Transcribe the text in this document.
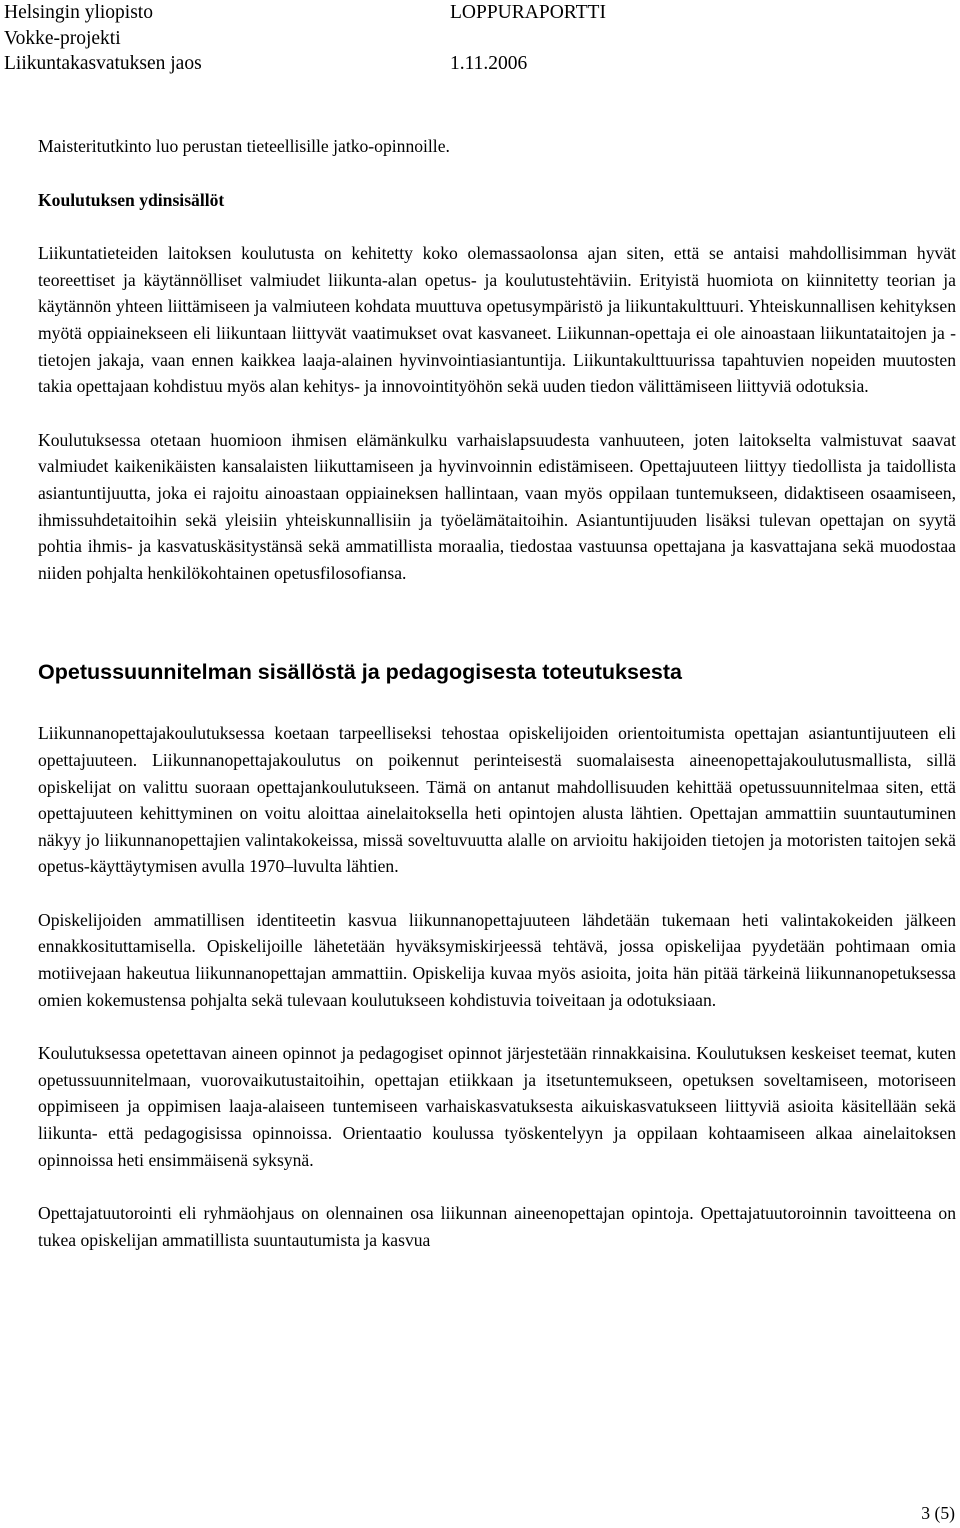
Helsingin yliopisto	LOPPURAPORTTI
Vokke-projekti
Liikuntakasvatuksen jaos	1.11.2006

Maisteritutkinto luo perustan tieteellisille jatko-opinnoille.

Koulutuksen ydinsisällöt

Liikuntatieteiden laitoksen koulutusta on kehitetty koko olemassaolonsa ajan siten, että se antaisi mahdollisimman hyvät teoreettiset ja käytännölliset valmiudet liikunta-alan opetus- ja koulutustehtäviin. Erityistä huomiota on kiinnitetty teorian ja käytännön yhteen liittämiseen ja valmiuteen kohdata muuttuva opetusympäristö ja liikuntakulttuuri. Yhteiskunnallisen kehityksen myötä oppiainekseen eli liikuntaan liittyvät vaatimukset ovat kasvaneet. Liikunnan-opettaja ei ole ainoastaan liikuntataitojen ja -tietojen jakaja, vaan ennen kaikkea laaja-alainen hyvinvointiasiantuntija. Liikuntakulttuurissa tapahtuvien nopeiden muutosten takia opettajaan kohdistuu myös alan kehitys- ja innovointityöhön sekä uuden tiedon välittämiseen liittyviä odotuksia.

Koulutuksessa otetaan huomioon ihmisen elämänkulku varhaislapsuudesta vanhuuteen, joten laitokselta valmistuvat saavat valmiudet kaikenikäisten kansalaisten liikuttamiseen ja hyvinvoinnin edistämiseen. Opettajuuteen liittyy tiedollista ja taidollista asiantuntijuutta, joka ei rajoitu ainoastaan oppiaineksen hallintaan, vaan myös oppilaan tuntemukseen, didaktiseen osaamiseen, ihmissuhdetaitoihin sekä yleisiin yhteiskunnallisiin ja työelämätaitoihin. Asiantuntijuuden lisäksi tulevan opettajan on syytä pohtia ihmis- ja kasvatuskäsitystänsä sekä ammatillista moraalia, tiedostaa vastuunsa opettajana ja kasvattajana sekä muodostaa niiden pohjalta henkilökohtainen opetusfilosofiansa.

Opetussuunnitelman sisällöstä ja pedagogisesta toteutuksesta

Liikunnanopettajakoulutuksessa koetaan tarpeelliseksi tehostaa opiskelijoiden orientoitumista opettajan asiantuntijuuteen eli opettajuuteen. Liikunnanopettajakoulutus on poikennut perinteisestä suomalaisesta aineenopettajakoulutusmallista, sillä opiskelijat on valittu suoraan opettajankoulutukseen. Tämä on antanut mahdollisuuden kehittää opetussuunnitelmaa siten, että opettajuuteen kehittyminen on voitu aloittaa ainelaitoksella heti opintojen alusta lähtien. Opettajan ammattiin suuntautuminen näkyy jo liikunnanopettajien valintakokeissa, missä soveltuvuutta alalle on arvioitu hakijoiden tietojen ja motoristen taitojen sekä opetus-käyttäytymisen avulla 1970–luvulta lähtien.

Opiskelijoiden ammatillisen identiteetin kasvua liikunnanopettajuuteen lähdetään tukemaan heti valintakokeiden jälkeen ennakkosituttamisella. Opiskelijoille lähetetään hyväksymiskirjeessä tehtävä, jossa opiskelijaa pyydetään pohtimaan omia motiivejaan hakeutua liikunnanopettajan ammattiin. Opiskelija kuvaa myös asioita, joita hän pitää tärkeinä liikunnanopetuksessa omien kokemustensa pohjalta sekä tulevaan koulutukseen kohdistuvia toiveitaan ja odotuksiaan.

Koulutuksessa opetettavan aineen opinnot ja pedagogiset opinnot järjestetään rinnakkaisina. Koulutuksen keskeiset teemat, kuten opetussuunnitelmaan, vuorovaikutustaitoihin, opettajan etiikkaan ja itsetuntemukseen, opetuksen soveltamiseen, motoriseen oppimiseen ja oppimisen laaja-alaiseen tuntemiseen varhaiskasvatuksesta aikuiskasvatukseen liittyviä asioita käsitellään sekä liikunta- että pedagogisissa opinnoissa. Orientaatio koulussa työskentelyyn ja oppilaan kohtaamiseen alkaa ainelaitoksen opinnoissa heti ensimmäisenä syksynä.

Opettajatuutorointi eli ryhmäohjaus on olennainen osa liikunnan aineenopettajan opintoja. Opettajatuutoroinnin tavoitteena on tukea opiskelijan ammatillista suuntautumista ja kasvua

3 (5)
